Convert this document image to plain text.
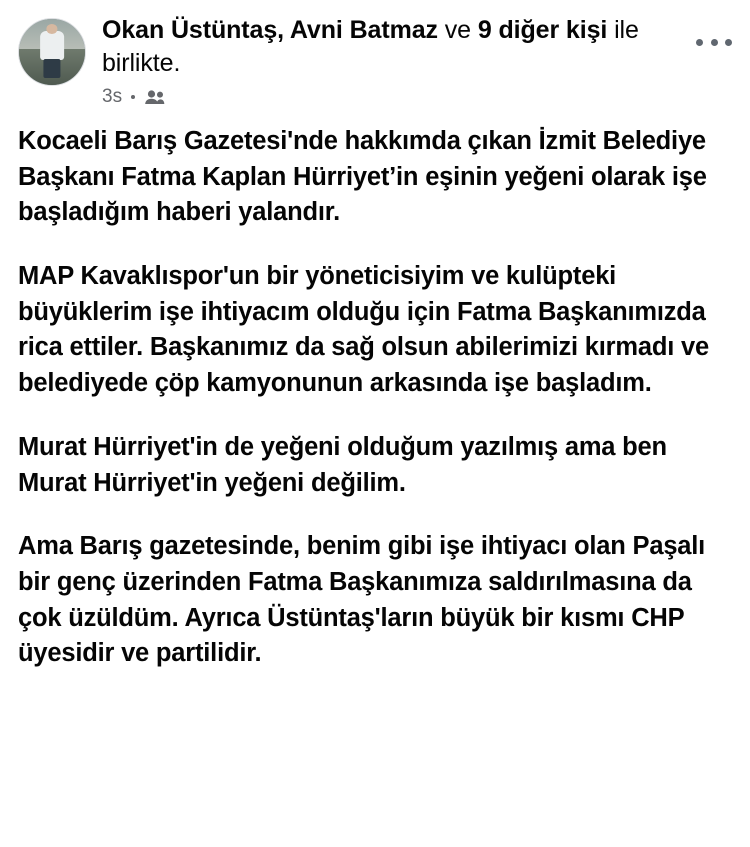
Okan Üstüntaş, Avni Batmaz ve 9 diğer kişi ile birlikte.
3s

Kocaeli Barış Gazetesi'nde hakkımda çıkan İzmit Belediye Başkanı Fatma Kaplan Hürriyet’in eşinin yeğeni olarak işe başladığım haberi yalandır.

MAP Kavaklıspor'un bir yöneticisiyim ve kulüpteki büyüklerim işe ihtiyacım olduğu için Fatma Başkanımızda rica ettiler. Başkanımız da sağ olsun abilerimizi kırmadı ve belediyede çöp kamyonunun arkasında işe başladım.

Murat Hürriyet'in de yeğeni olduğum yazılmış ama ben Murat Hürriyet'in yeğeni değilim.

Ama Barış gazetesinde, benim gibi işe ihtiyacı olan Paşalı bir genç üzerinden Fatma Başkanımıza saldırılmasına da çok üzüldüm. Ayrıca Üstüntaş'ların büyük bir kısmı CHP üyesidir ve partilidir.
